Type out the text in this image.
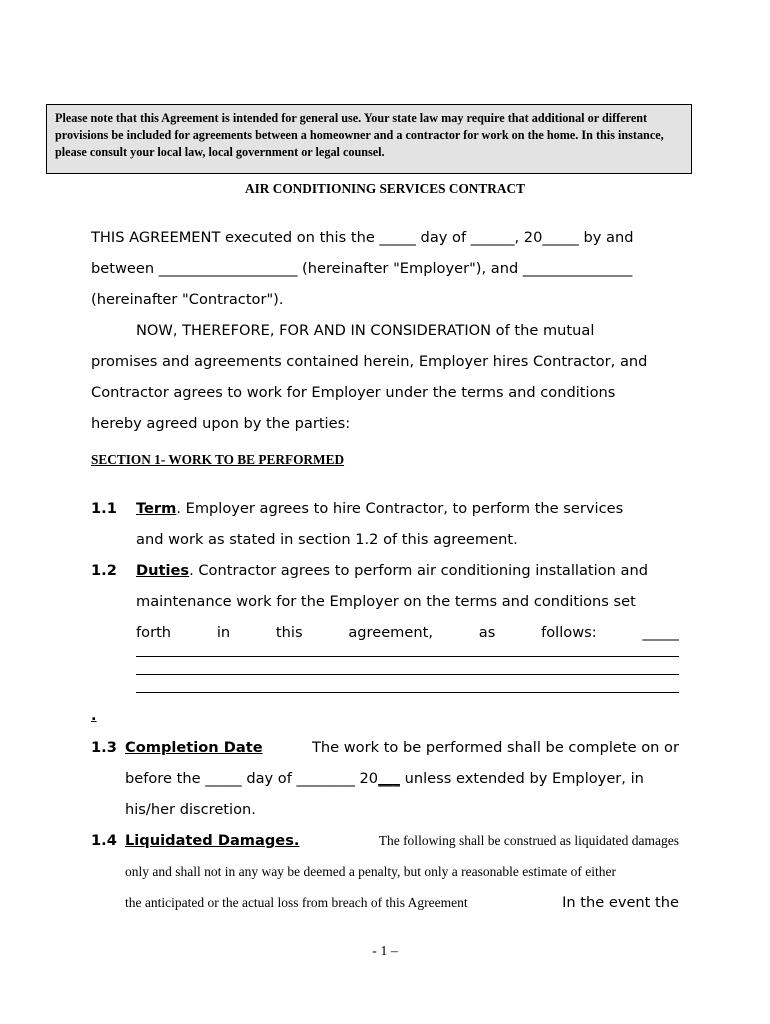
Please note that this Agreement is intended for general use. Your state law may require that additional or different provisions be included for agreements between a homeowner and a contractor for work on the home. In this instance, please consult your local law, local government or legal counsel.
AIR CONDITIONING SERVICES CONTRACT
THIS AGREEMENT executed on this the _____ day of ______, 20_____ by and
between ___________________ (hereinafter "Employer"), and _______________
(hereinafter "Contractor").
NOW, THEREFORE, FOR AND IN CONSIDERATION of the mutual
promises and agreements contained herein, Employer hires Contractor, and
Contractor agrees to work for Employer under the terms and conditions
hereby agreed upon by the parties:
SECTION 1- WORK TO BE PERFORMED
1.1 Term. Employer agrees to hire Contractor, to perform the services
and work as stated in section 1.2 of this agreement.
1.2 Duties . Contractor agrees to perform air conditioning installation and
maintenance work for the Employer on the terms and conditions set
forth	in	this	agreement,	as	follows:	_____
.
1.3 Completion Date	The work to be performed shall be complete on or
before the _____ day of ________ 20___ unless extended by Employer, in
his/her discretion.
1.4 Liquidated Damages.	The following shall be construed as liquidated damages
only and shall not in any way be deemed a penalty, but only a reasonable estimate of either
the anticipated or the actual loss from breach of this Agreement	In the event the
- 1 –
